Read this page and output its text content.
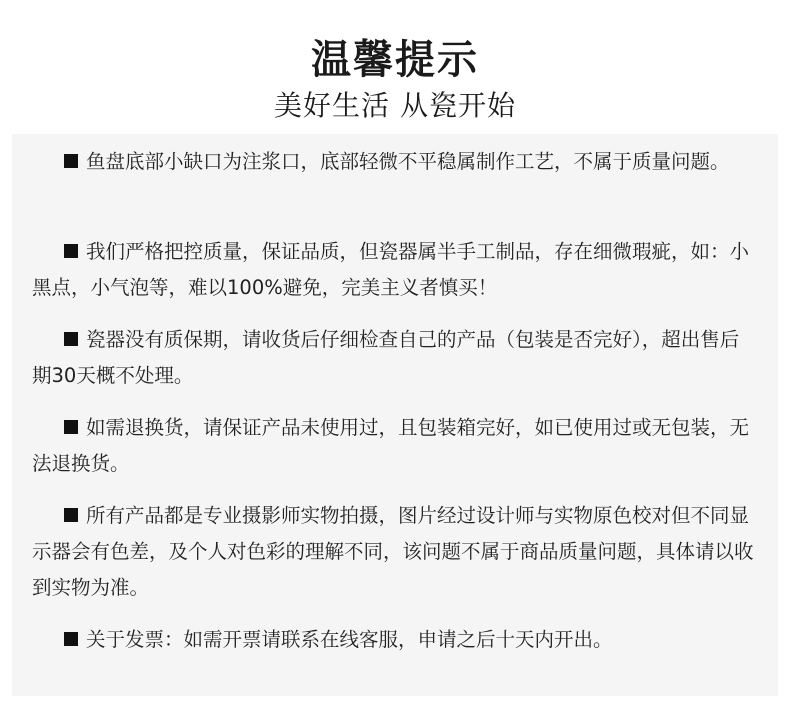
温馨提示
美好生活 从瓷开始

鱼盘底部小缺口为注浆口，底部轻微不平稳属制作工艺，不属于质量问题。

我们严格把控质量，保证品质，但瓷器属半手工制品，存在细微瑕疵，如：小黑点，小气泡等，难以100%避免，完美主义者慎买！

瓷器没有质保期，请收货后仔细检查自己的产品（包装是否完好），超出售后期30天概不处理。

如需退换货，请保证产品未使用过，且包装箱完好，如已使用过或无包装，无法退换货。

所有产品都是专业摄影师实物拍摄，图片经过设计师与实物原色校对但不同显示器会有色差，及个人对色彩的理解不同，该问题不属于商品质量问题，具体请以收到实物为准。

关于发票：如需开票请联系在线客服，申请之后十天内开出。
